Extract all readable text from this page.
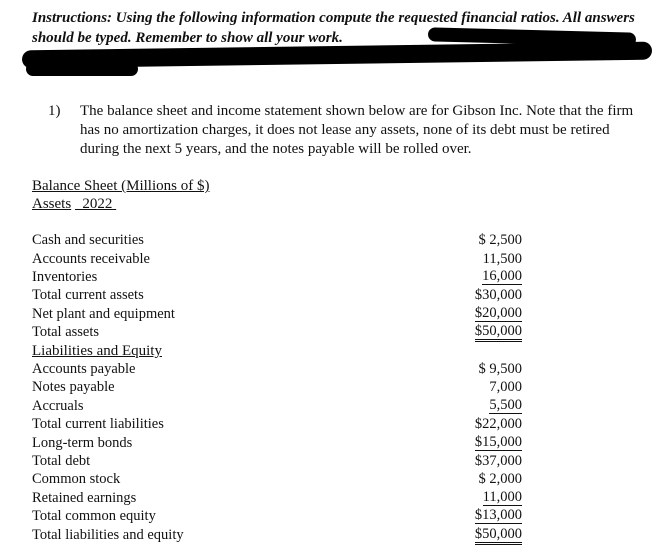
Instructions: Using the following information compute the requested financial ratios. All answers should be typed. Remember to show all your work.
1) The balance sheet and income statement shown below are for Gibson Inc. Note that the firm has no amortization charges, it does not lease any assets, none of its debt must be retired during the next 5 years, and the notes payable will be rolled over.
Balance Sheet (Millions of $)
Assets 2022
Cash and securities	$ 2,500
Accounts receivable	11,500
Inventories	16,000
Total current assets	$30,000
Net plant and equipment	$20,000
Total assets	$50,000
Liabilities and Equity
Accounts payable	$ 9,500
Notes payable	7,000
Accruals	5,500
Total current liabilities	$22,000
Long-term bonds	$15,000
Total debt	$37,000
Common stock	$ 2,000
Retained earnings	11,000
Total common equity	$13,000
Total liabilities and equity	$50,000
